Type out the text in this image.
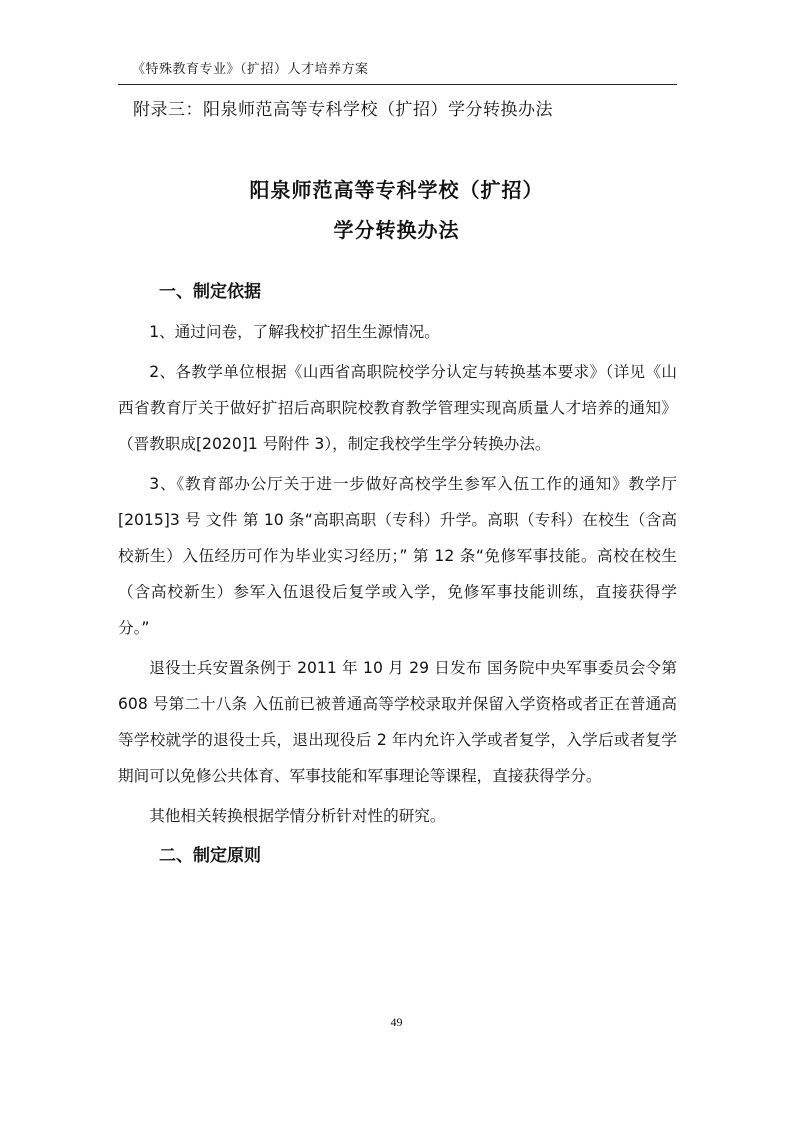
《特殊教育专业》（扩招）人才培养方案
附录三：阳泉师范高等专科学校（扩招）学分转换办法
阳泉师范高等专科学校（扩招）
学分转换办法
一、制定依据

1、通过问卷，了解我校扩招生生源情况。

2、各教学单位根据《山西省高职院校学分认定与转换基本要求》（详见《山西省教育厅关于做好扩招后高职院校教育教学管理实现高质量人才培养的通知》（晋教职成[2020]1 号附件 3），制定我校学生学分转换办法。

3、《教育部办公厅关于进一步做好高校学生参军入伍工作的通知》教学厅 [2015]3 号 文件 第 10 条“高职高职（专科）升学。高职（专科）在校生（含高校新生）入伍经历可作为毕业实习经历；” 第 12 条“免修军事技能。高校在校生（含高校新生）参军入伍退役后复学或入学，免修军事技能训练，直接获得学分。”

退役士兵安置条例于 2011 年 10 月 29 日发布 国务院中央军事委员会令第 608 号第二十八条 入伍前已被普通高等学校录取并保留入学资格或者正在普通高等学校就学的退役士兵，退出现役后 2 年内允许入学或者复学，入学后或者复学期间可以免修公共体育、军事技能和军事理论等课程，直接获得学分。

其他相关转换根据学情分析针对性的研究。

二、制定原则
49
